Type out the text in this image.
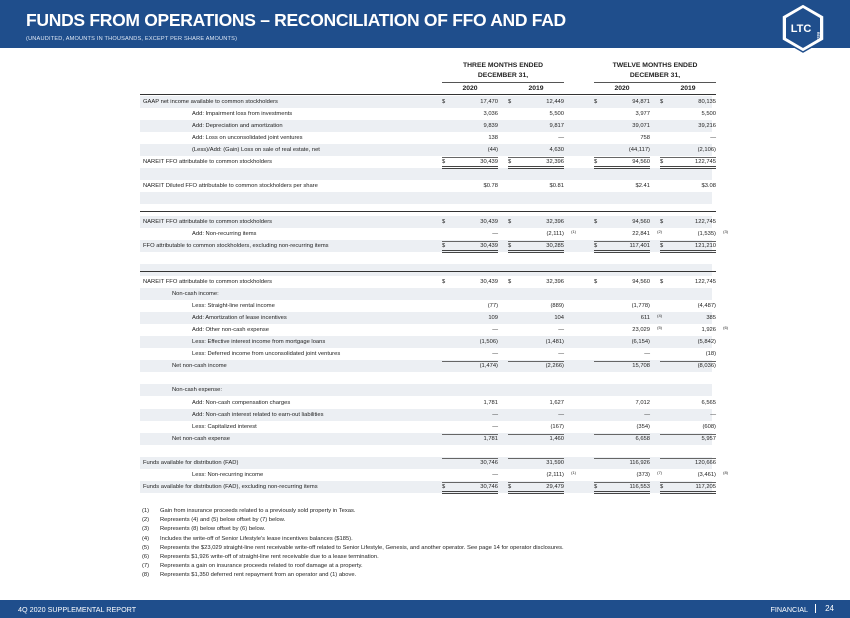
FUNDS FROM OPERATIONS – RECONCILIATION OF FFO AND FAD
(UNAUDITED, AMOUNTS IN THOUSANDS, EXCEPT PER SHARE AMOUNTS)
LTC
REIT
THREE MONTHS ENDED
DECEMBER 31,
TWELVE MONTHS ENDED
DECEMBER 31,
2020	2019	2020	2019
GAAP net income available to common stockholders	$	17,470 $	12,449	$	94,871 $	80,135
Add: Impairment loss from investments	3,036	5,500	3,977	5,500
Add: Depreciation and amortization	9,839	9,817	39,071	39,216
Add: Loss on unconsolidated joint ventures	138	—	758	—
(Less)/Add: (Gain) Loss on sale of real estate, net	(44)	4,630	(44,117)	(2,106)
NAREIT FFO attributable to common stockholders	$	30,439 $	32,396	$	94,560 $	122,745
NAREIT Diluted FFO attributable to common stockholders per share	$0.78	$0.81	$2.41	$3.08
NAREIT FFO attributable to common stockholders	$	30,439 $	32,396	$	94,560 $	122,745
Add: Non-recurring items	—	(2,111) (1)	22,841 (2)	(1,535) (3)
FFO attributable to common stockholders, excluding non-recurring items	$	30,439 $	30,285	$	117,401 $	121,210
NAREIT FFO attributable to common stockholders	$	30,439 $	32,396	$	94,560 $	122,745
Non-cash income:
Less: Straight-line rental income	(77)	(889)	(1,778)	(4,487)
Add: Amortization of lease incentives	109	104	611 (4)	385
Add: Other non-cash expense	—	—	23,029 (5)	1,926 (6)
Less: Effective interest income from mortgage loans	(1,506)	(1,481)	(6,154)	(5,842)
Less: Deferred income from unconsolidated joint ventures	—	—	—	(18)
Net non-cash income	(1,474)	(2,266)	15,708	(8,036)
Non-cash expense:
Add: Non-cash compensation charges	1,781	1,627	7,012	6,565
Add: Non-cash interest related to earn-out liabilities	—	—	—	—
Less: Capitalized interest	—	(167)	(354)	(608)
Net non-cash expense	1,781	1,460	6,658	5,957
Funds available for distribution (FAD)	30,746	31,590	116,926	120,666
Less: Non-recurring income	—	(2,111) (1)	(373) (7)	(3,461) (8)
Funds available for distribution (FAD), excluding non-recurring items	$	30,746 $	29,479	$	116,553 $	117,205
(1) Gain from insurance proceeds related to a previously sold property in Texas.
(2) Represents (4) and (5) below offset by (7) below.
(3) Represents (8) below offset by (6) below.
(4) Includes the write-off of Senior Lifestyle's lease incentives balances ($185).
(5) Represents the $23,029 straight-line rent receivable write-off related to Senior Lifestyle, Genesis, and another operator. See page 14 for operator disclosures.
(6) Represents $1,926 write-off of straight-line rent receivable due to a lease termination.
(7) Represents a gain on insurance proceeds related to roof damage at a property.
(8) Represents $1,350 deferred rent repayment from an operator and (1) above.
4Q 2020 SUPPLEMENTAL REPORT	FINANCIAL 24
